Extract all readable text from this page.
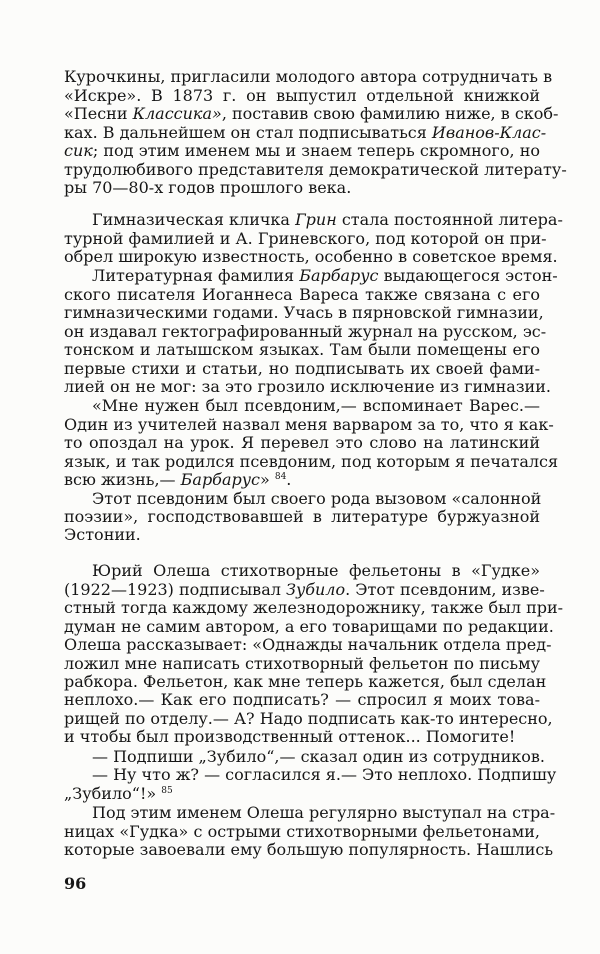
Курочкины, пригласили молодого автора сотрудничать в
«Искре». В 1873 г. он выпустил отдельной книжкой
«Песни Классика», поставив свою фамилию ниже, в скоб-
ках. В дальнейшем он стал подписываться Иванов-Клас-
сик; под этим именем мы и знаем теперь скромного, но
трудолюбивого представителя демократической литерату-
ры 70—80-х годов прошлого века.
Гимназическая кличка Грин стала постоянной литера-
турной фамилией и А. Гриневского, под которой он при-
обрел широкую известность, особенно в советское время.
Литературная фамилия Барбарус выдающегося эстон-
ского писателя Иоганнеса Вареса также связана с его
гимназическими годами. Учась в пярновской гимназии,
он издавал гектографированный журнал на русском, эс-
тонском и латышском языках. Там были помещены его
первые стихи и статьи, но подписывать их своей фами-
лией он не мог: за это грозило исключение из гимназии.
«Мне нужен был псевдоним,— вспоминает Варес.—
Один из учителей назвал меня варваром за то, что я как-
то опоздал на урок. Я перевел это слово на латинский
язык, и так родился псевдоним, под которым я печатался
всю жизнь,— Барбарус» $^{84}$.
Этот псевдоним был своего рода вызовом «салонной
поэзии», господствовавшей в литературе буржуазной
Эстонии.
Юрий Олеша стихотворные фельетоны в «Гудке»
(1922—1923) подписывал Зубило. Этот псевдоним, изве-
стный тогда каждому железнодорожнику, также был при-
думан не самим автором, а его товарищами по редакции.
Олеша рассказывает: «Однажды начальник отдела пред-
ложил мне написать стихотворный фельетон по письму
рабкора. Фельетон, как мне теперь кажется, был сделан
неплохо.— Как его подписать? — спросил я моих това-
рищей по отделу.— А? Надо подписать как-то интересно,
и чтобы был производственный оттенок... Помогите!
— Подпиши „Зубило“,— сказал один из сотрудников.
— Ну что ж? — согласился я.— Это неплохо. Подпишу
„Зубило“!» $^{85}$
Под этим именем Олеша регулярно выступал на стра-
ницах «Гудка» с острыми стихотворными фельетонами,
которые завоевали ему большую популярность. Нашлись
96
